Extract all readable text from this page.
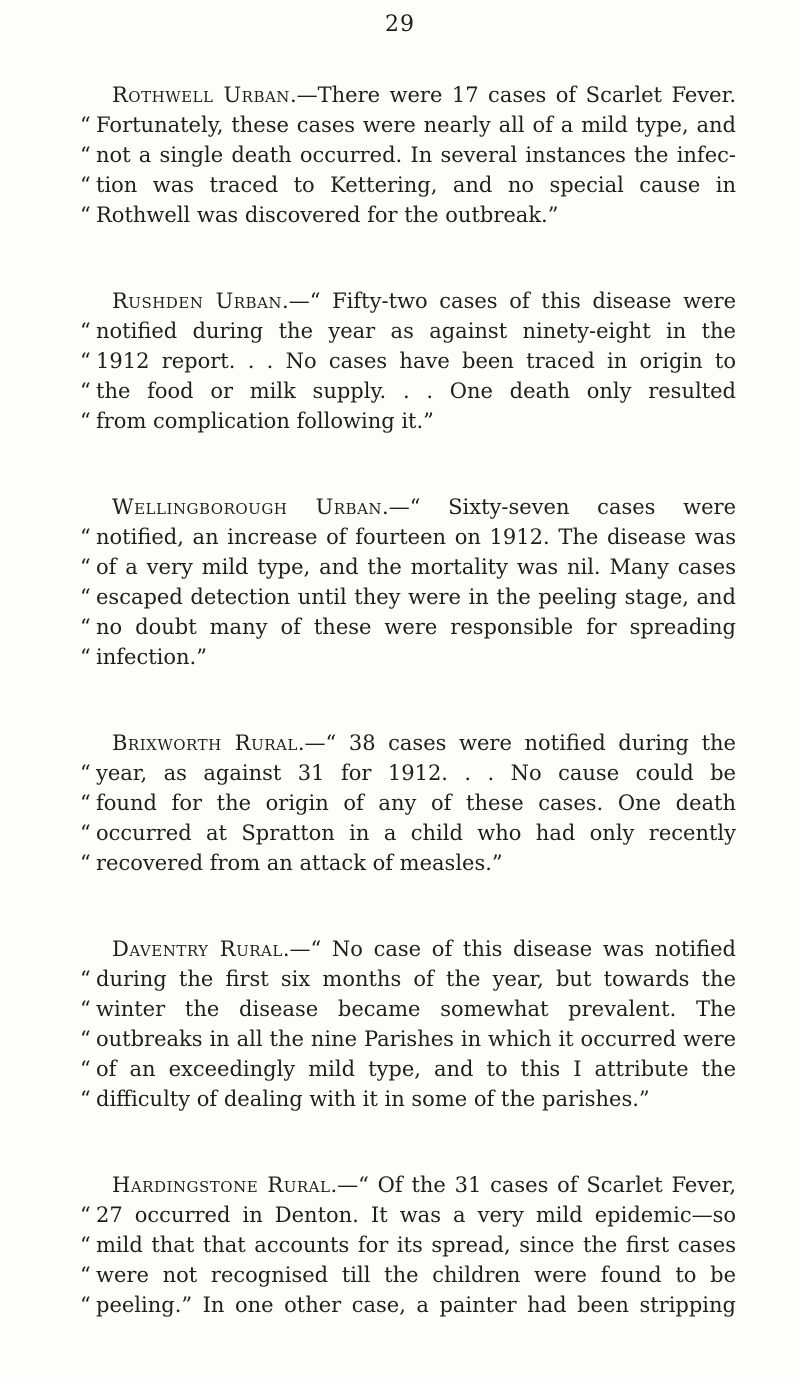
29
Rothwell Urban.—There were 17 cases of Scarlet Fever.
“ Fortunately, these cases were nearly all of a mild type, and
“ not a single death occurred. In several instances the infec-
“ tion was traced to Kettering, and no special cause in
“ Rothwell was discovered for the outbreak.”
Rushden Urban.—“ Fifty-two cases of this disease were
“ notified during the year as against ninety-eight in the
“ 1912 report. . . No cases have been traced in origin to
“ the food or milk supply. . . One death only resulted
“ from complication following it.”
Wellingborough Urban.—“ Sixty-seven cases were
“ notified, an increase of fourteen on 1912. The disease was
“ of a very mild type, and the mortality was nil. Many cases
“ escaped detection until they were in the peeling stage, and
“ no doubt many of these were responsible for spreading
“ infection.”
Brixworth Rural.—“ 38 cases were notified during the
“ year, as against 31 for 1912. . . No cause could be
“ found for the origin of any of these cases. One death
“ occurred at Spratton in a child who had only recently
“ recovered from an attack of measles.”
Daventry Rural.—“ No case of this disease was notified
“ during the first six months of the year, but towards the
“ winter the disease became somewhat prevalent. The
“ outbreaks in all the nine Parishes in which it occurred were
“ of an exceedingly mild type, and to this I attribute the
“ difficulty of dealing with it in some of the parishes.”
Hardingstone Rural.—“ Of the 31 cases of Scarlet Fever,
“ 27 occurred in Denton. It was a very mild epidemic—so
“ mild that that accounts for its spread, since the first cases
“ were not recognised till the children were found to be
“ peeling.” In one other case, a painter had been stripping
